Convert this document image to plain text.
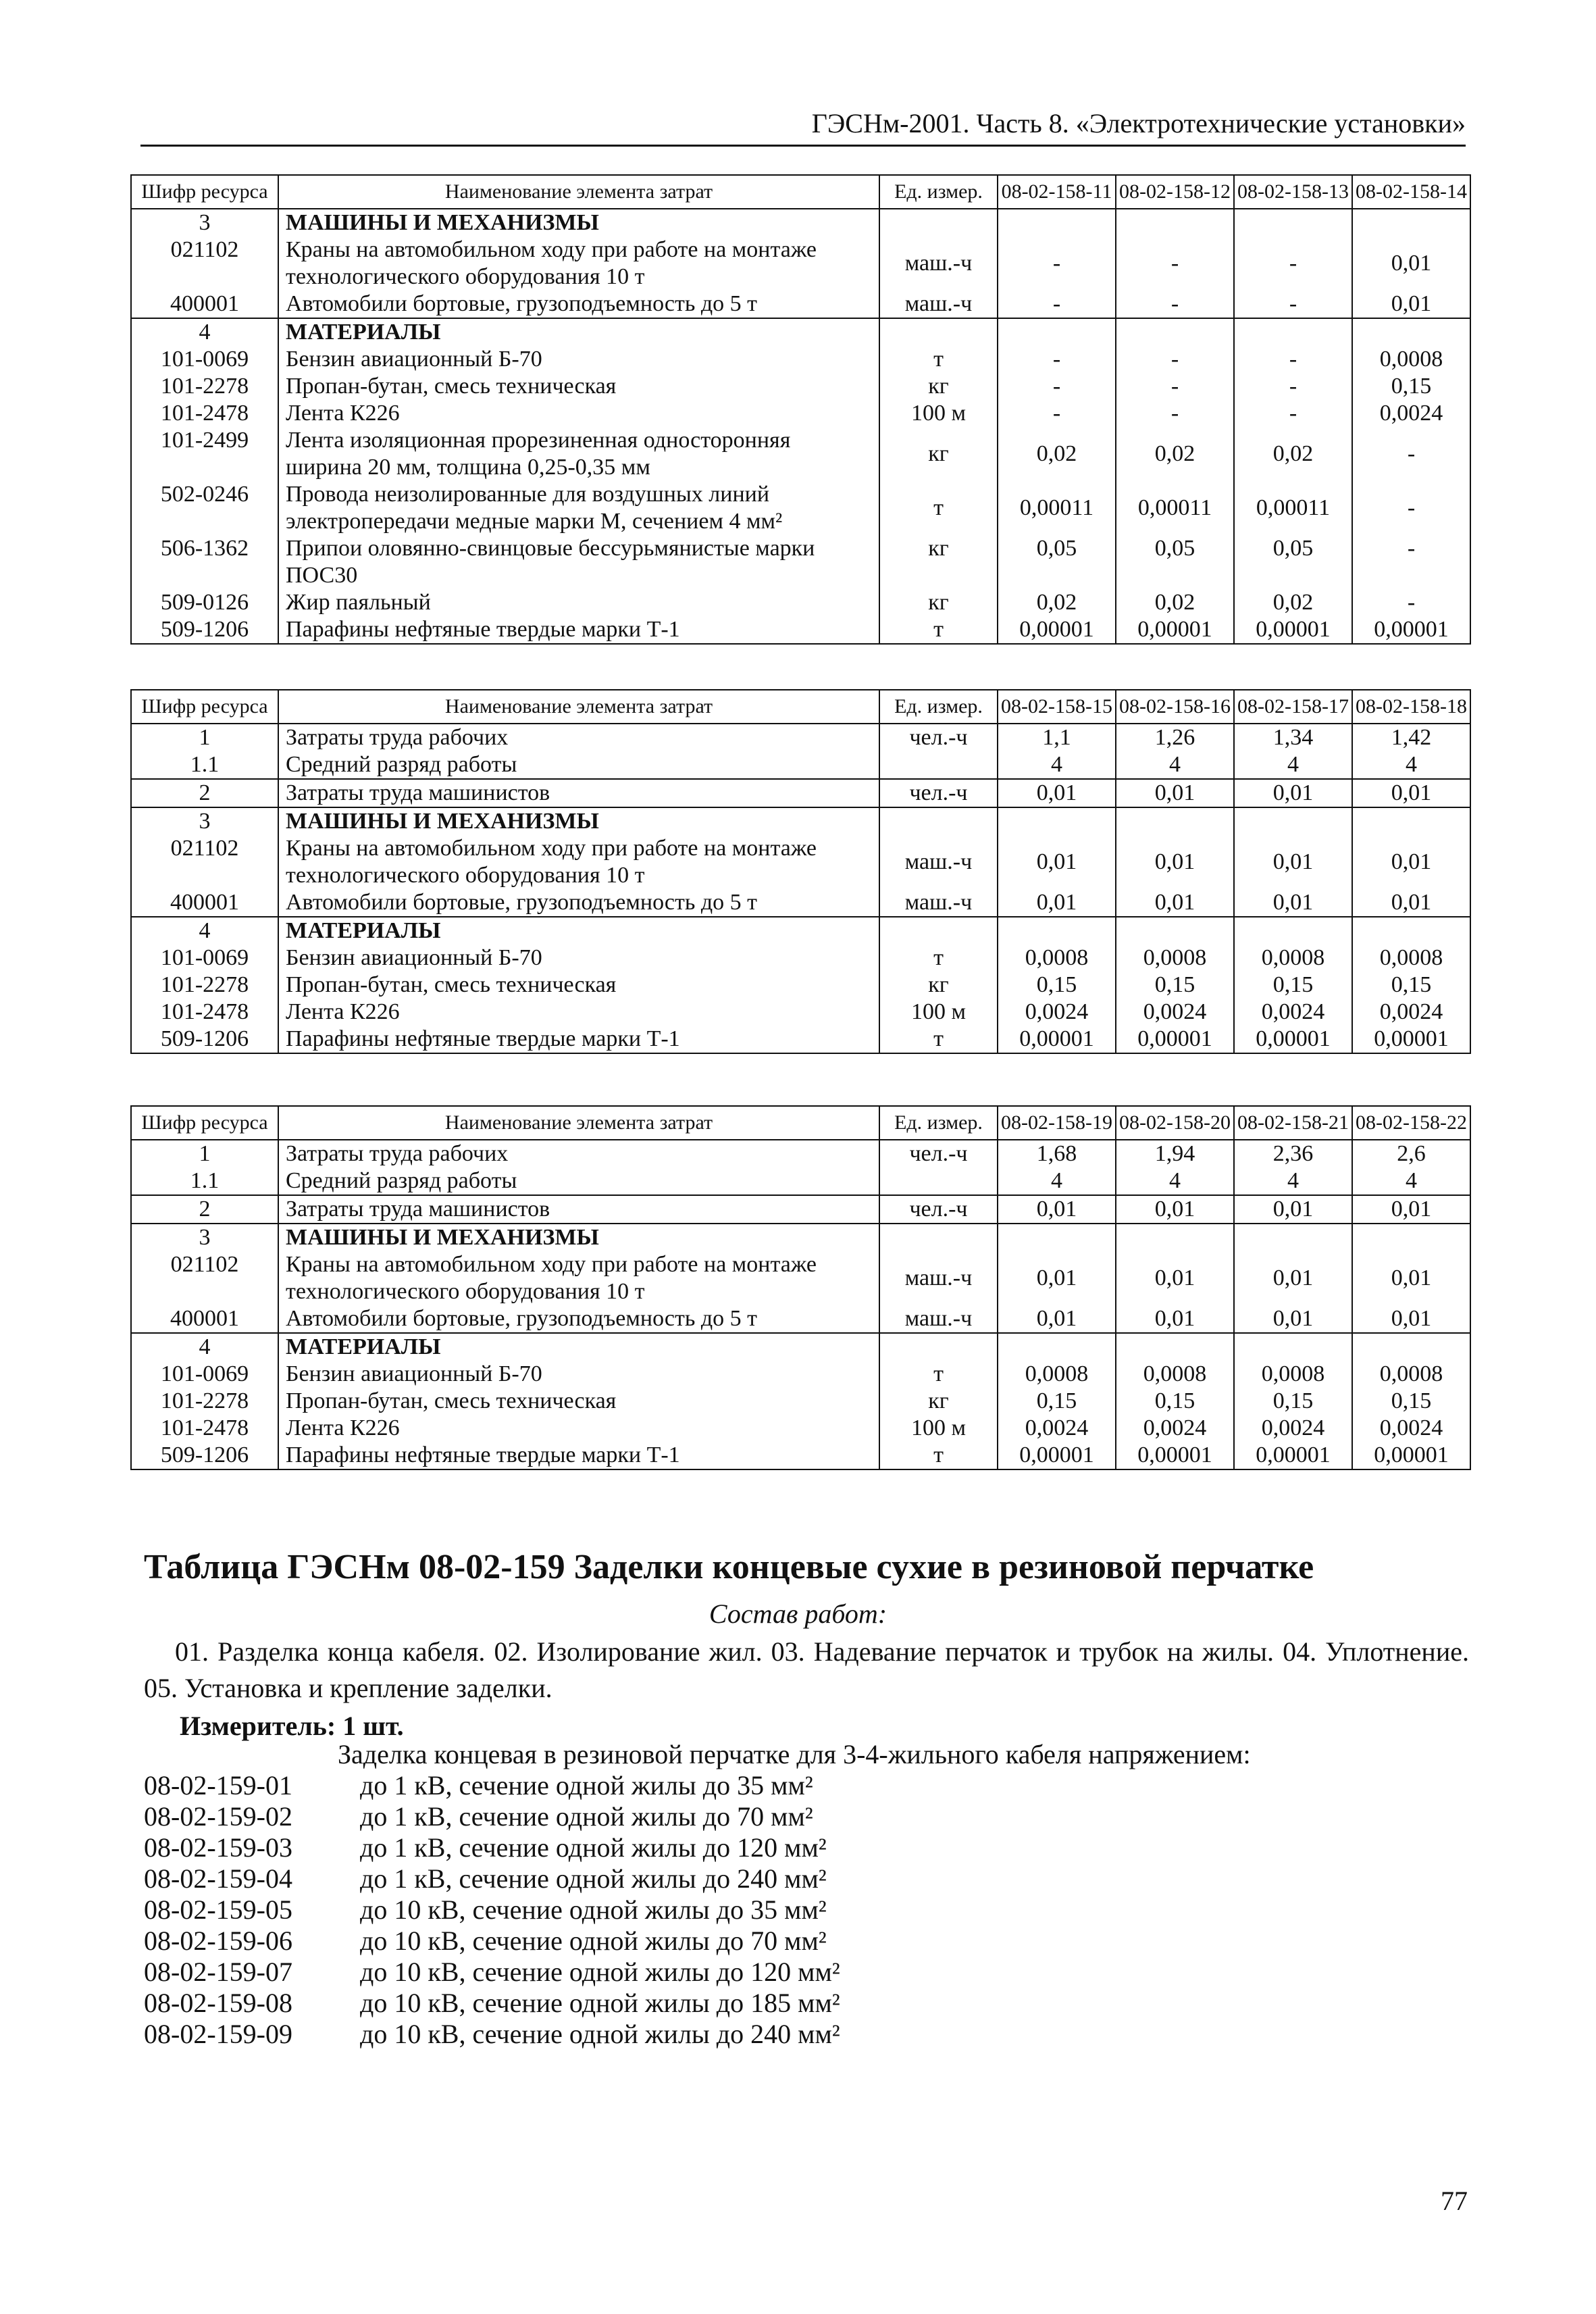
ГЭСНм-2001. Часть 8. «Электротехнические установки»
Шифр ресурса	Наименование элемента затрат	Ед. измер.	08-02-158-11	08-02-158-12	08-02-158-13	08-02-158-14
3	МАШИНЫ И МЕХАНИЗМЫ					
021102	Краны на автомобильном ходу при работе на монтаже технологического оборудования 10 т	маш.-ч	-	-	-	0,01
400001	Автомобили бортовые, грузоподъемность до 5 т	маш.-ч	-	-	-	0,01
4	МАТЕРИАЛЫ					
101-0069	Бензин авиационный Б-70	т	-	-	-	0,0008
101-2278	Пропан-бутан, смесь техническая	кг	-	-	-	0,15
101-2478	Лента К226	100 м	-	-	-	0,0024
101-2499	Лента изоляционная прорезиненная односторонняя ширина 20 мм, толщина 0,25-0,35 мм	кг	0,02	0,02	0,02	-
502-0246	Провода неизолированные для воздушных линий электропередачи медные марки М, сечением 4 мм²	т	0,00011	0,00011	0,00011	-
506-1362	Припои оловянно-свинцовые бессурьмянистые марки ПОС30	кг	0,05	0,05	0,05	-
509-0126	Жир паяльный	кг	0,02	0,02	0,02	-
509-1206	Парафины нефтяные твердые марки Т-1	т	0,00001	0,00001	0,00001	0,00001
Шифр ресурса	Наименование элемента затрат	Ед. измер.	08-02-158-15	08-02-158-16	08-02-158-17	08-02-158-18
1	Затраты труда рабочих	чел.-ч	1,1	1,26	1,34	1,42
1.1	Средний разряд работы		4	4	4	4
2	Затраты труда машинистов	чел.-ч	0,01	0,01	0,01	0,01
3	МАШИНЫ И МЕХАНИЗМЫ					
021102	Краны на автомобильном ходу при работе на монтаже технологического оборудования 10 т	маш.-ч	0,01	0,01	0,01	0,01
400001	Автомобили бортовые, грузоподъемность до 5 т	маш.-ч	0,01	0,01	0,01	0,01
4	МАТЕРИАЛЫ					
101-0069	Бензин авиационный Б-70	т	0,0008	0,0008	0,0008	0,0008
101-2278	Пропан-бутан, смесь техническая	кг	0,15	0,15	0,15	0,15
101-2478	Лента К226	100 м	0,0024	0,0024	0,0024	0,0024
509-1206	Парафины нефтяные твердые марки Т-1	т	0,00001	0,00001	0,00001	0,00001
Шифр ресурса	Наименование элемента затрат	Ед. измер.	08-02-158-19	08-02-158-20	08-02-158-21	08-02-158-22
1	Затраты труда рабочих	чел.-ч	1,68	1,94	2,36	2,6
1.1	Средний разряд работы		4	4	4	4
2	Затраты труда машинистов	чел.-ч	0,01	0,01	0,01	0,01
3	МАШИНЫ И МЕХАНИЗМЫ					
021102	Краны на автомобильном ходу при работе на монтаже технологического оборудования 10 т	маш.-ч	0,01	0,01	0,01	0,01
400001	Автомобили бортовые, грузоподъемность до 5 т	маш.-ч	0,01	0,01	0,01	0,01
4	МАТЕРИАЛЫ					
101-0069	Бензин авиационный Б-70	т	0,0008	0,0008	0,0008	0,0008
101-2278	Пропан-бутан, смесь техническая	кг	0,15	0,15	0,15	0,15
101-2478	Лента К226	100 м	0,0024	0,0024	0,0024	0,0024
509-1206	Парафины нефтяные твердые марки Т-1	т	0,00001	0,00001	0,00001	0,00001
Таблица ГЭСНм 08-02-159 Заделки концевые сухие в резиновой перчатке
Состав работ:
01. Разделка конца кабеля. 02. Изолирование жил. 03. Надевание перчаток и трубок на жилы. 04. Уплотнение. 05. Установка и крепление заделки.
Измеритель: 1 шт.
Заделка концевая в резиновой перчатке для 3-4-жильного кабеля напряжением:
08-02-159-01	до 1 кВ, сечение одной жилы до 35 мм²
08-02-159-02	до 1 кВ, сечение одной жилы до 70 мм²
08-02-159-03	до 1 кВ, сечение одной жилы до 120 мм²
08-02-159-04	до 1 кВ, сечение одной жилы до 240 мм²
08-02-159-05	до 10 кВ, сечение одной жилы до 35 мм²
08-02-159-06	до 10 кВ, сечение одной жилы до 70 мм²
08-02-159-07	до 10 кВ, сечение одной жилы до 120 мм²
08-02-159-08	до 10 кВ, сечение одной жилы до 185 мм²
08-02-159-09	до 10 кВ, сечение одной жилы до 240 мм²
77
